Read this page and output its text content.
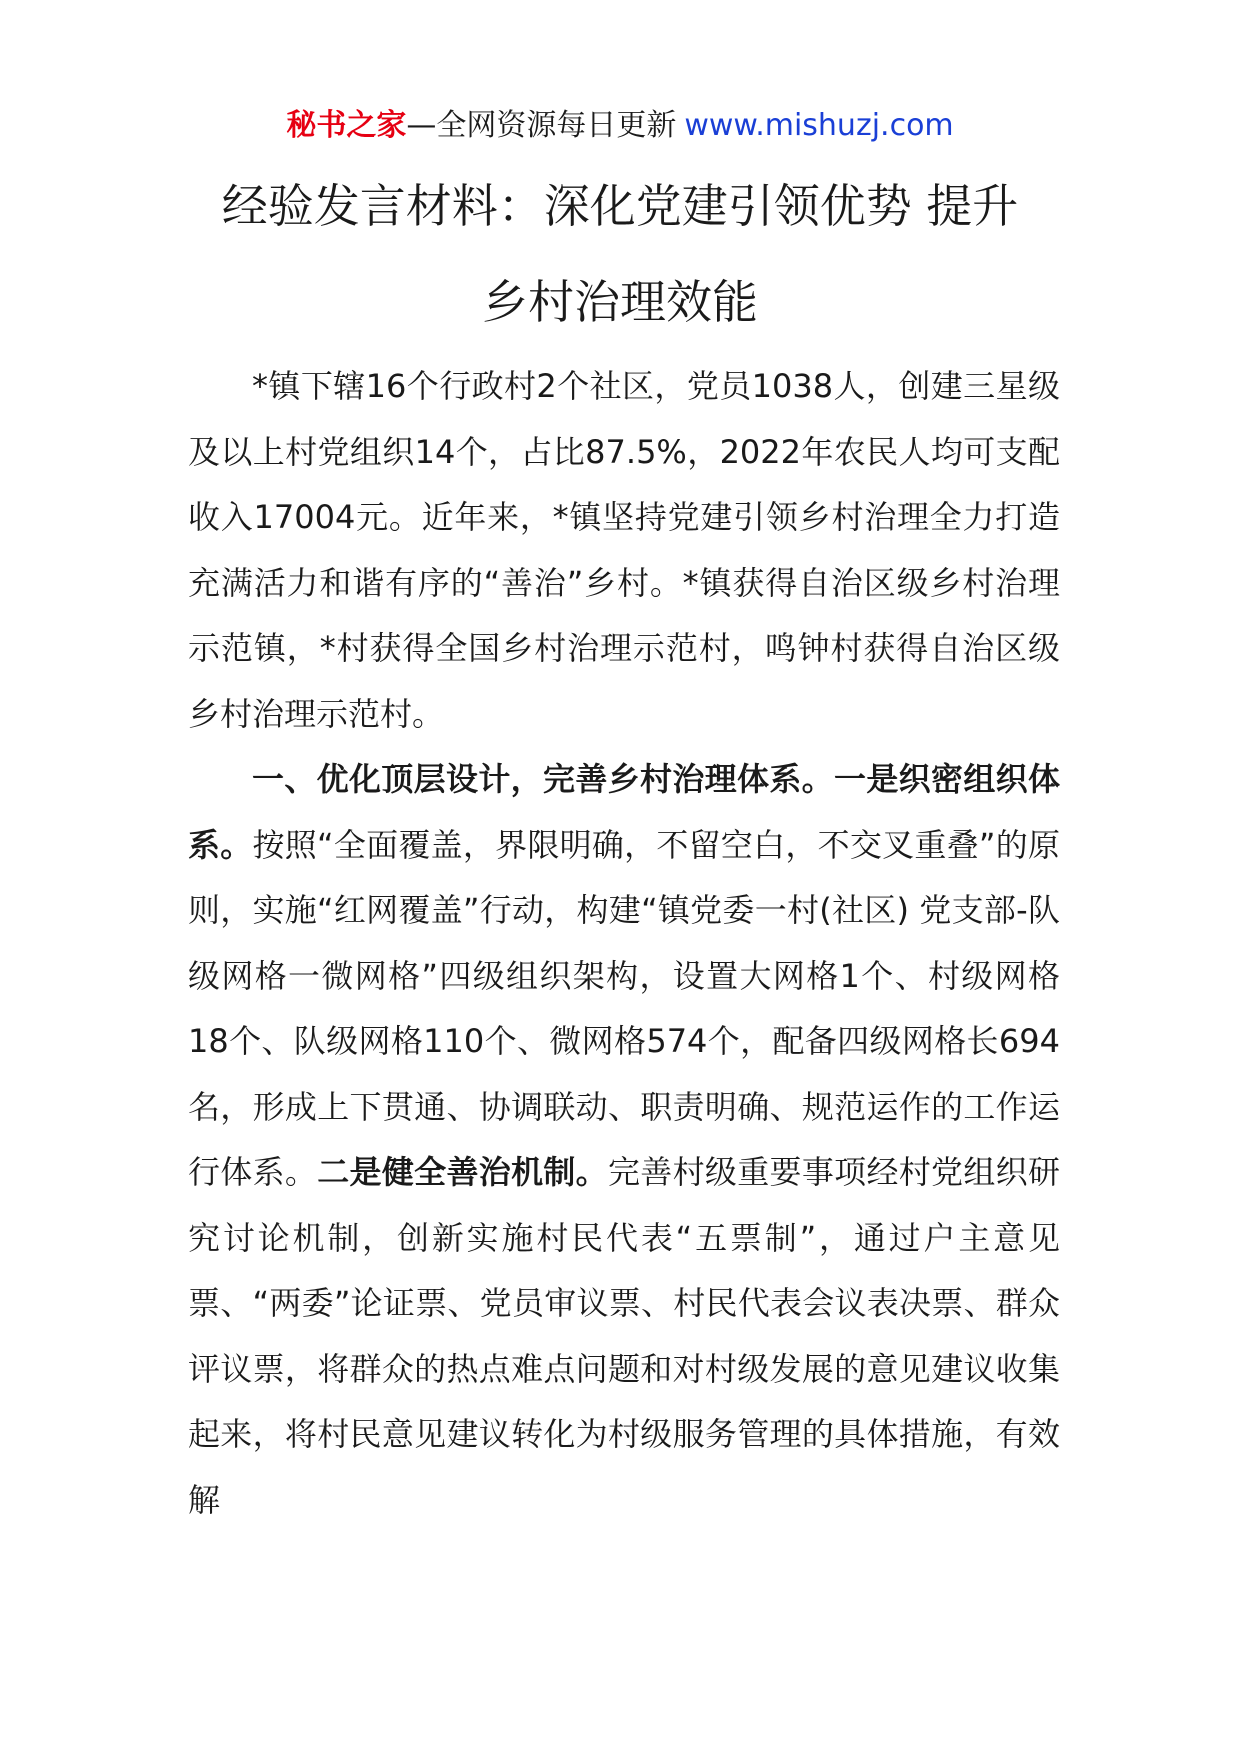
秘书之家—全网资源每日更新 www.mishuzj.com
经验发言材料：深化党建引领优势 提升
乡村治理效能

*镇下辖16个行政村2个社区，党员1038人，创建三星级及以上村党组织14个，占比87.5%，2022年农民人均可支配收入17004元。近年来，*镇坚持党建引领乡村治理全力打造充满活力和谐有序的“善治”乡村。*镇获得自治区级乡村治理示范镇，*村获得全国乡村治理示范村，鸣钟村获得自治区级乡村治理示范村。

一、优化顶层设计，完善乡村治理体系。一是织密组织体系。按照“全面覆盖，界限明确，不留空白，不交叉重叠”的原则，实施“红网覆盖”行动，构建“镇党委一村(社区) 党支部-队级网格一微网格”四级组织架构，设置大网格1个、村级网格18个、队级网格110个、微网格574个，配备四级网格长694名，形成上下贯通、协调联动、职责明确、规范运作的工作运行体系。二是健全善治机制。完善村级重要事项经村党组织研究讨论机制，创新实施村民代表“五票制”，通过户主意见票、“两委”论证票、党员审议票、村民代表会议表决票、群众评议票，将群众的热点难点问题和对村级发展的意见建议收集起来，将村民意见建议转化为村级服务管理的具体措施，有效解
